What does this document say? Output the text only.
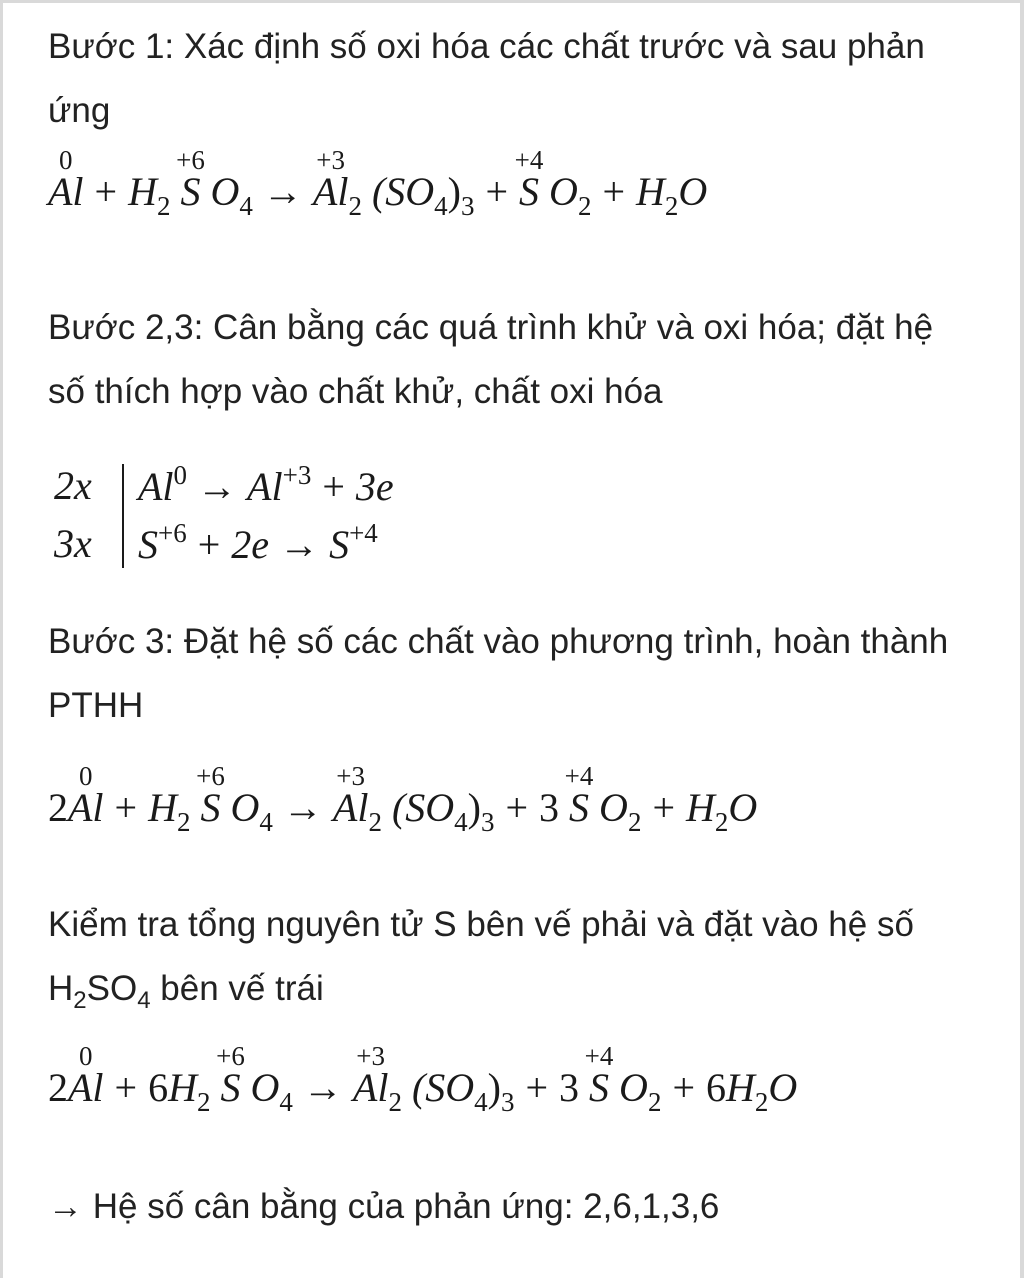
Bước 1: Xác định số oxi hóa các chất trước và sau phản ứng

0
$Al + H_2$
+6
S $O_4$ →
+3
$Al_2$ $(SO_4)_3$ +
+4
S $O_2 + H_2O$

Bước 2,3: Cân bằng các quá trình khử và oxi hóa; đặt hệ số thích hợp vào chất khử, chất oxi hóa

2x	$Al^0 \to Al^{+3} + 3e$
3x	$S^{+6} + 2e \to S^{+4}$

Bước 3: Đặt hệ số các chất vào phương trình, hoàn thành PTHH

2
0
$Al + H_2$
+6
S $O_4$ →
+3
$Al_2$ $(SO_4)_3 + 3$
+4
S $O_2 + H_2O$

Kiểm tra tổng nguyên tử S bên vế phải và đặt vào hệ số
$H_2SO_4$ bên vế trái

2
0
$Al + 6H_2$
+6
S $O_4$ →
+3
$Al_2$ $(SO_4)_3 + 3$
+4
S $O_2 + 6H_2O$

→ Hệ số cân bằng của phản ứng: 2,6,1,3,6
